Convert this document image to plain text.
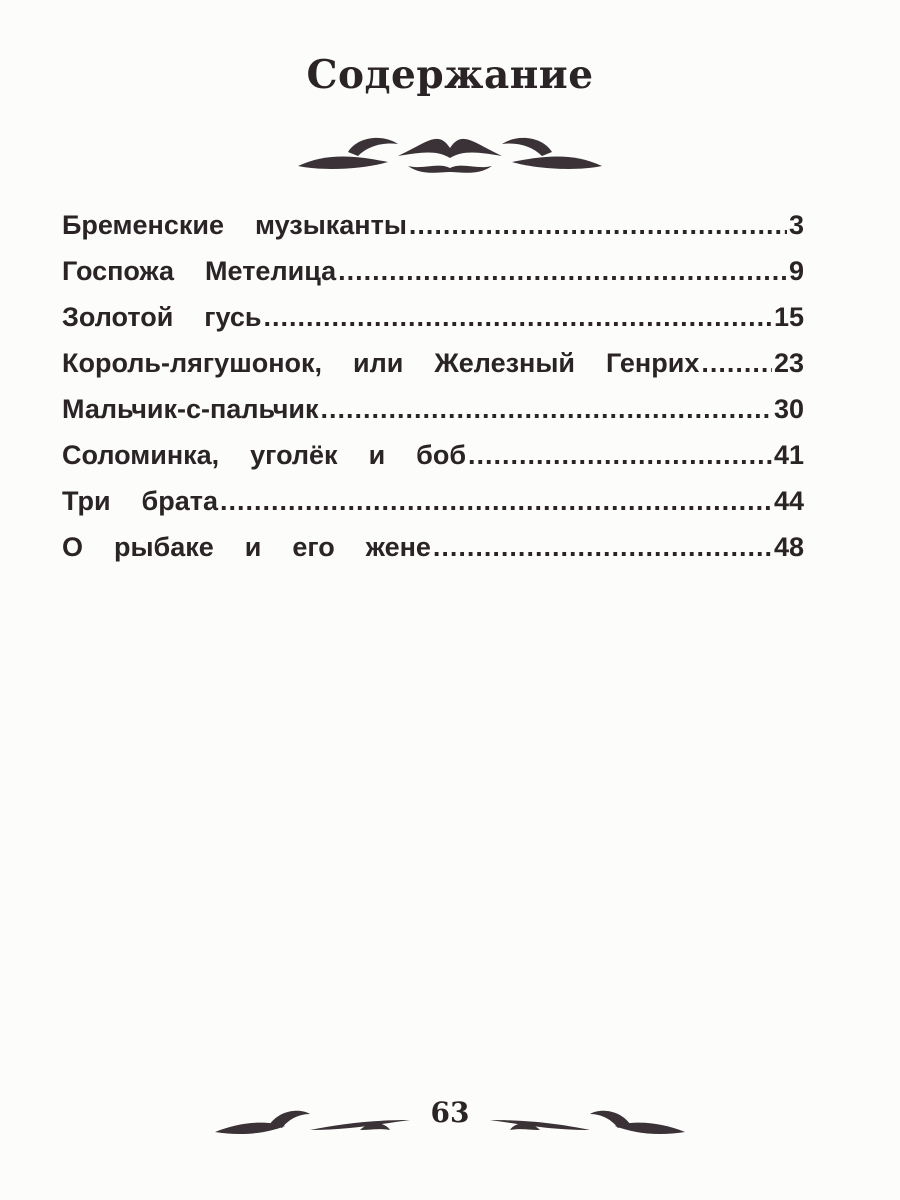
Содержание
Бременские  музыканты .....	3
Госпожа  Метелица .....	9
Золотой  гусь .....	15
Король-лягушонок,  или  Железный  Генрих .....	23
Мальчик-с-пальчик .....	30
Соломинка,  уголёк  и  боб .....	41
Три  брата .....	44
О  рыбаке  и  его  жене .....	48
63
